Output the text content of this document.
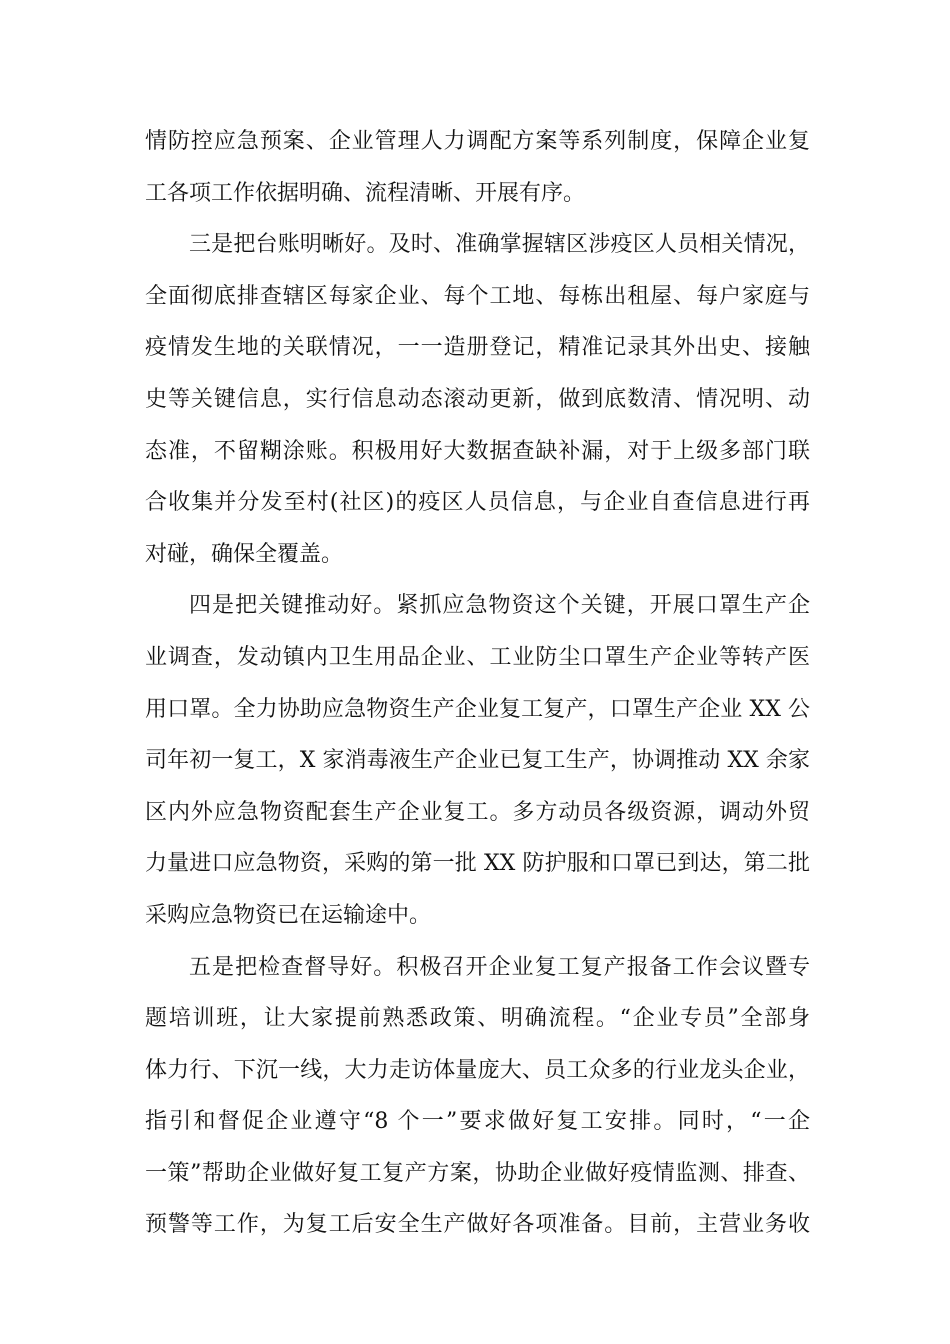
情防控应急预案、企业管理人力调配方案等系列制度，保障企业复
工各项工作依据明确、流程清晰、开展有序。
三是把台账明晰好。及时、准确掌握辖区涉疫区人员相关情况，
全面彻底排查辖区每家企业、每个工地、每栋出租屋、每户家庭与
疫情发生地的关联情况，一一造册登记，精准记录其外出史、接触
史等关键信息，实行信息动态滚动更新，做到底数清、情况明、动
态准，不留糊涂账。积极用好大数据查缺补漏，对于上级多部门联
合收集并分发至村(社区)的疫区人员信息，与企业自查信息进行再
对碰，确保全覆盖。
四是把关键推动好。紧抓应急物资这个关键，开展口罩生产企
业调查，发动镇内卫生用品企业、工业防尘口罩生产企业等转产医
用口罩。全力协助应急物资生产企业复工复产，口罩生产企业 XX 公
司年初一复工，X 家消毒液生产企业已复工生产，协调推动 XX 余家
区内外应急物资配套生产企业复工。多方动员各级资源，调动外贸
力量进口应急物资，采购的第一批 XX 防护服和口罩已到达，第二批
采购应急物资已在运输途中。
五是把检查督导好。积极召开企业复工复产报备工作会议暨专
题培训班，让大家提前熟悉政策、明确流程。“企业专员”全部身
体力行、下沉一线，大力走访体量庞大、员工众多的行业龙头企业，
指引和督促企业遵守“8 个一”要求做好复工安排。同时，“一企
一策”帮助企业做好复工复产方案，协助企业做好疫情监测、排查、
预警等工作，为复工后安全生产做好各项准备。目前，主营业务收
